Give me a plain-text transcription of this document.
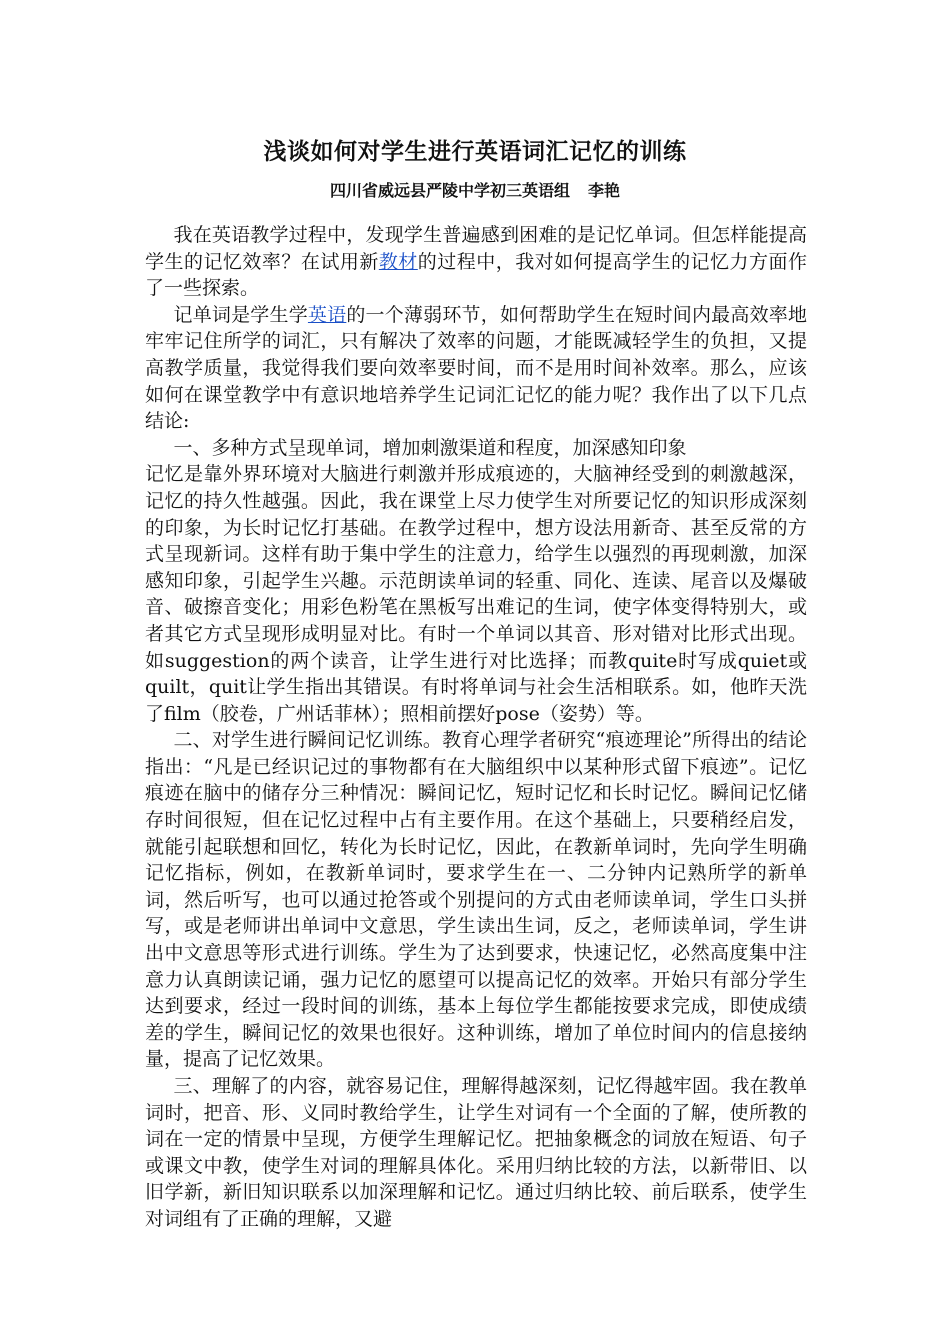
浅谈如何对学生进行英语词汇记忆的训练
四川省威远县严陵中学初三英语组 李艳

我在英语教学过程中，发现学生普遍感到困难的是记忆单词。但怎样能提高学生的记忆效率？在试用新教材的过程中，我对如何提高学生的记忆力方面作了一些探索。

记单词是学生学英语的一个薄弱环节，如何帮助学生在短时间内最高效率地牢牢记住所学的词汇，只有解决了效率的问题，才能既减轻学生的负担，又提高教学质量，我觉得我们要向效率要时间，而不是用时间补效率。那么，应该如何在课堂教学中有意识地培养学生记词汇记忆的能力呢？我作出了以下几点结论:

一、多种方式呈现单词，增加刺激渠道和程度，加深感知印象

记忆是靠外界环境对大脑进行刺激并形成痕迹的，大脑神经受到的刺激越深，记忆的持久性越强。因此，我在课堂上尽力使学生对所要记忆的知识形成深刻的印象，为长时记忆打基础。在教学过程中，想方设法用新奇、甚至反常的方式呈现新词。这样有助于集中学生的注意力，给学生以强烈的再现刺激，加深感知印象，引起学生兴趣。示范朗读单词的轻重、同化、连读、尾音以及爆破音、破擦音变化；用彩色粉笔在黑板写出难记的生词，使字体变得特别大，或者其它方式呈现形成明显对比。有时一个单词以其音、形对错对比形式出现。如suggestion的两个读音，让学生进行对比选择；而教quite时写成quiet或quilt，quit让学生指出其错误。有时将单词与社会生活相联系。如，他昨天洗了film（胶卷，广州话菲林）；照相前摆好pose（姿势）等。

二、对学生进行瞬间记忆训练。教育心理学者研究“痕迹理论”所得出的结论指出：“凡是已经识记过的事物都有在大脑组织中以某种形式留下痕迹”。记忆痕迹在脑中的储存分三种情况：瞬间记忆，短时记忆和长时记忆。瞬间记忆储存时间很短，但在记忆过程中占有主要作用。在这个基础上，只要稍经启发，就能引起联想和回忆，转化为长时记忆，因此，在教新单词时，先向学生明确记忆指标，例如，在教新单词时，要求学生在一、二分钟内记熟所学的新单词，然后听写，也可以通过抢答或个别提问的方式由老师读单词，学生口头拼写，或是老师讲出单词中文意思，学生读出生词，反之，老师读单词，学生讲出中文意思等形式进行训练。学生为了达到要求，快速记忆，必然高度集中注意力认真朗读记诵，强力记忆的愿望可以提高记忆的效率。开始只有部分学生达到要求，经过一段时间的训练，基本上每位学生都能按要求完成，即使成绩差的学生，瞬间记忆的效果也很好。这种训练，增加了单位时间内的信息接纳量，提高了记忆效果。

三、理解了的内容，就容易记住，理解得越深刻，记忆得越牢固。我在教单词时，把音、形、义同时教给学生，让学生对词有一个全面的了解，使所教的词在一定的情景中呈现，方便学生理解记忆。把抽象概念的词放在短语、句子或课文中教，使学生对词的理解具体化。采用归纳比较的方法，以新带旧、以旧学新，新旧知识联系以加深理解和记忆。通过归纳比较、前后联系，使学生对词组有了正确的理解，又避
